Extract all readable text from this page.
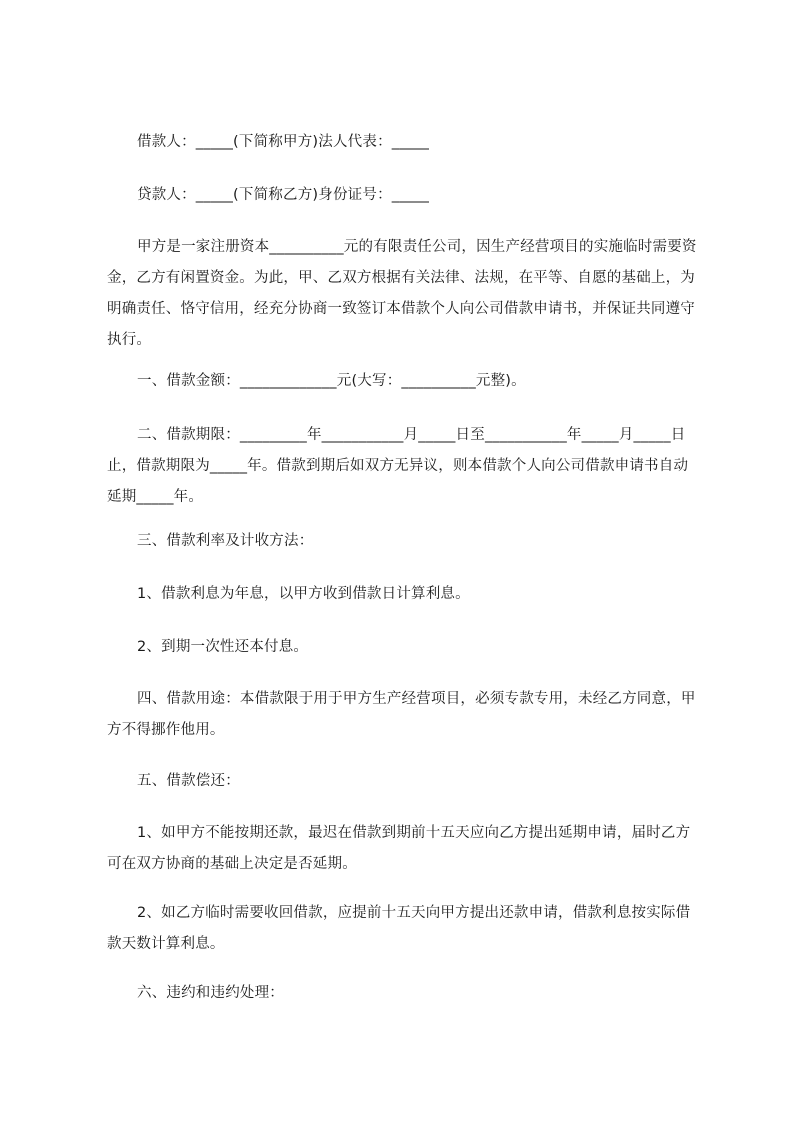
借款人：_____(下简称甲方)法人代表：_____

贷款人：_____(下简称乙方)身份证号：_____

甲方是一家注册资本__________元的有限责任公司，因生产经营项目的实施临时需要资金，乙方有闲置资金。为此，甲、乙双方根据有关法律、法规，在平等、自愿的基础上，为明确责任、恪守信用，经充分协商一致签订本借款个人向公司借款申请书，并保证共同遵守执行。

一、借款金额：_____________元(大写：__________元整)。

二、借款期限：_________年___________月_____日至___________年_____月_____日止，借款期限为_____年。借款到期后如双方无异议，则本借款个人向公司借款申请书自动延期_____年。

三、借款利率及计收方法：

1、借款利息为年息，以甲方收到借款日计算利息。

2、到期一次性还本付息。

四、借款用途：本借款限于用于甲方生产经营项目，必须专款专用，未经乙方同意，甲方不得挪作他用。

五、借款偿还：

1、如甲方不能按期还款，最迟在借款到期前十五天应向乙方提出延期申请，届时乙方可在双方协商的基础上决定是否延期。

2、如乙方临时需要收回借款，应提前十五天向甲方提出还款申请，借款利息按实际借款天数计算利息。

六、违约和违约处理：
